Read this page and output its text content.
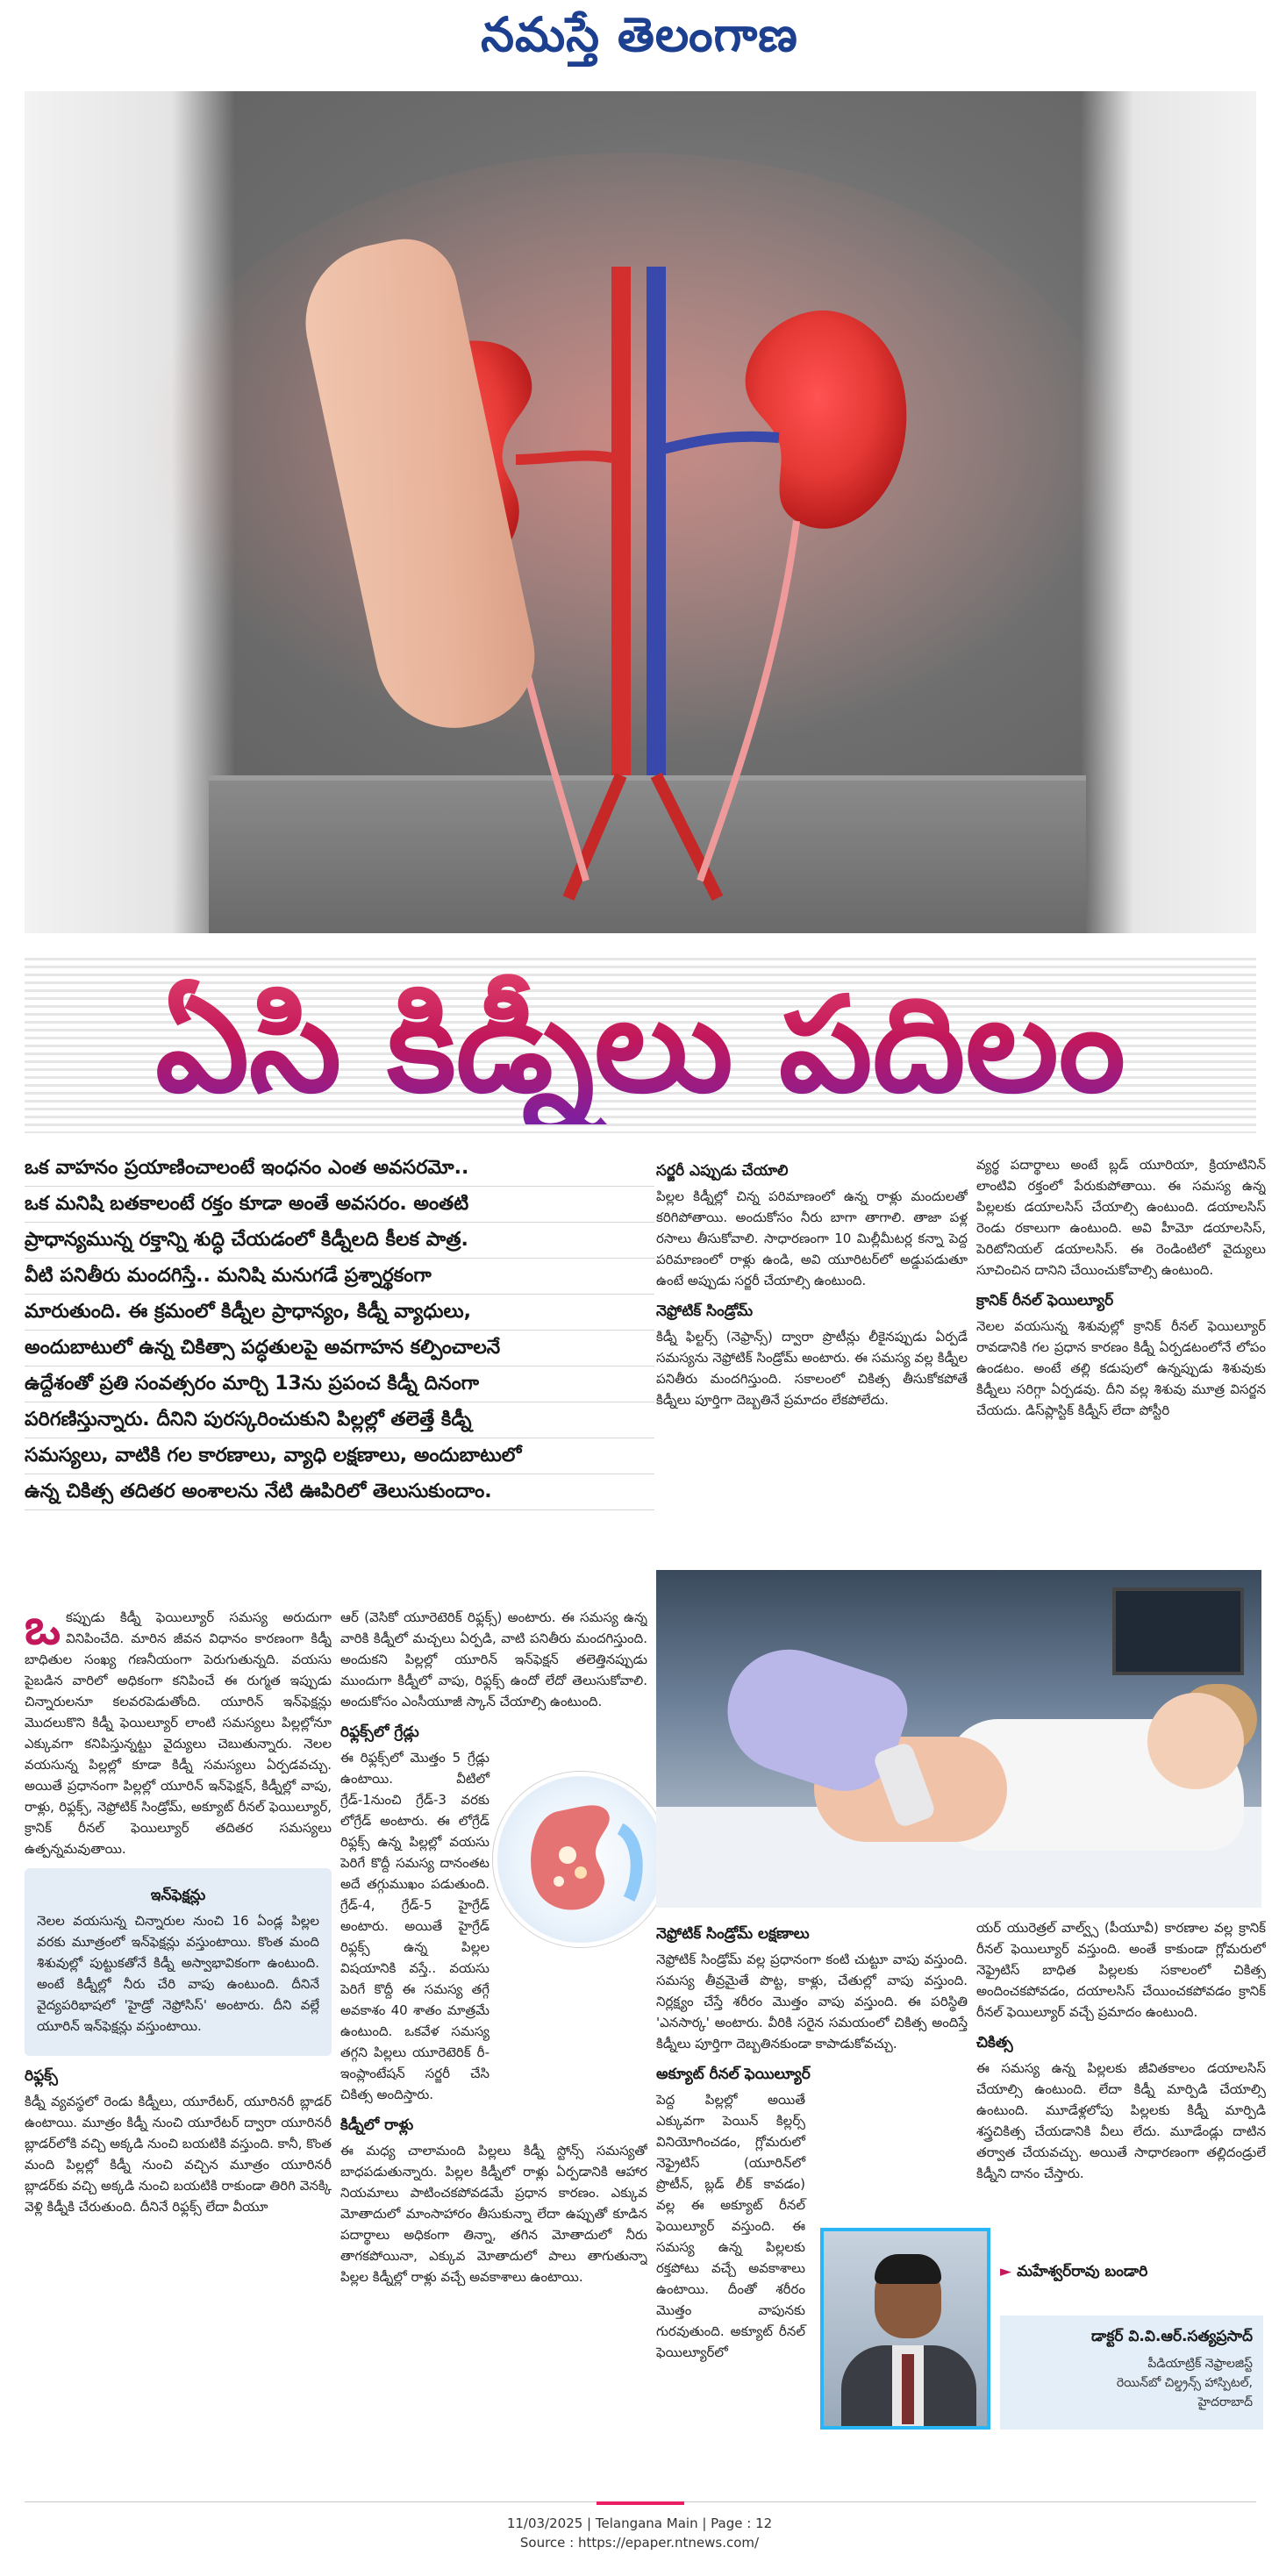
నమస్తే తెలంగాణ
ఏసి కిడ్నీలు పదిలం
ఒక వాహనం ప్రయాణించాలంటే ఇంధనం ఎంత అవసరమో..
ఒక మనిషి బతకాలంటే రక్తం కూడా అంతే అవసరం. అంతటి
ప్రాధాన్యమున్న రక్తాన్ని శుద్ధి చేయడంలో కిడ్నీలది కీలక పాత్ర.
వీటి పనితీరు మందగిస్తే.. మనిషి మనుగడే ప్రశ్నార్థకంగా
మారుతుంది. ఈ క్రమంలో కిడ్నీల ప్రాధాన్యం, కిడ్నీ వ్యాధులు,
అందుబాటులో ఉన్న చికిత్సా పద్ధతులపై అవగాహన కల్పించాలనే
ఉద్దేశంతో ప్రతి సంవత్సరం మార్చి 13ను ప్రపంచ కిడ్నీ దినంగా
పరిగణిస్తున్నారు. దీనిని పురస్కరించుకుని పిల్లల్లో తలెత్తే కిడ్నీ
సమస్యలు, వాటికి గల కారణాలు, వ్యాధి లక్షణాలు, అందుబాటులో
ఉన్న చికిత్స తదితర అంశాలను నేటి ఊపిరిలో తెలుసుకుందాం.

ఒకప్పుడు కిడ్నీ ఫెయిల్యూర్ సమస్య అరుదుగా వినిపించేది. మారిన జీవన విధానం కారణంగా కిడ్నీ బాధితుల సంఖ్య గణనీయంగా పెరుగుతున్నది. వయసు పైబడిన వారిలో అధికంగా కనిపించే ఈ రుగ్మత ఇప్పుడు చిన్నారులనూ కలవరపెడుతోంది. యూరిన్ ఇన్‌ఫెక్షన్లు మొదలుకొని కిడ్నీ ఫెయిల్యూర్ లాంటి సమస్యలు పిల్లల్లోనూ ఎక్కువగా కనిపిస్తున్నట్టు వైద్యులు చెబుతున్నారు. నెలల వయసున్న పిల్లల్లో కూడా కిడ్నీ సమస్యలు ఏర్పడవచ్చు. అయితే ప్రధానంగా పిల్లల్లో యూరిన్ ఇన్‌ఫెక్షన్, కిడ్నీల్లో వాపు, రాళ్లు, రిఫ్లక్స్, నెఫ్రోటిక్ సిండ్రోమ్, అక్యూట్ రీనల్ ఫెయిల్యూర్, క్రానిక్ రీనల్ ఫెయిల్యూర్ తదితర సమస్యలు ఉత్పన్నమవుతాయి.

ఇన్‌ఫెక్షన్లు

నెలల వయసున్న చిన్నారుల నుంచి 16 ఏండ్ల పిల్లల వరకు మూత్రంలో ఇన్‌ఫెక్షన్లు వస్తుంటాయి. కొంత మంది శిశువుల్లో పుట్టుకతోనే కిడ్నీ అస్వాభావికంగా ఉంటుంది. అంటే కిడ్నీల్లో నీరు చేరి వాపు ఉంటుంది. దీనినే వైద్యపరిభాషలో 'హైడ్రో నెఫ్రోసిస్' అంటారు. దీని వల్లే యూరిన్ ఇన్‌ఫెక్షన్లు వస్తుంటాయి.

రిఫ్లక్స్

కిడ్నీ వ్యవస్థలో రెండు కిడ్నీలు, యూరేటర్, యూరినరీ బ్లాడర్ ఉంటాయి. మూత్రం కిడ్నీ నుంచి యూరేటర్ ద్వారా యూరినరీ బ్లాడర్‌లోకి వచ్చి అక్కడి నుంచి బయటికి వస్తుంది. కానీ, కొంత మంది పిల్లల్లో కిడ్నీ నుంచి వచ్చిన మూత్రం యూరినరీ బ్లాడర్‌కు వచ్చి అక్కడి నుంచి బయటికి రాకుండా తిరిగి వెనక్కి వెళ్లి కిడ్నీకి చేరుతుంది. దీనినే రిఫ్లక్స్ లేదా వీయూ

ఆర్ (వెసికో యూరెటెరిక్ రిఫ్లక్స్) అంటారు. ఈ సమస్య ఉన్న వారికి కిడ్నీలో మచ్చలు ఏర్పడి, వాటి పనితీరు మందగిస్తుంది. అందుకని పిల్లల్లో యూరిన్ ఇన్‌ఫెక్షన్ తలెత్తినప్పుడు ముందుగా కిడ్నీలో వాపు, రిఫ్లక్స్ ఉందో లేదో తెలుసుకోవాలి. అందుకోసం ఎంసీయూజీ స్కాన్ చేయాల్సి ఉంటుంది.

రిఫ్లక్స్‌లో గ్రేడ్లు

ఈ రిఫ్లక్స్‌లో మొత్తం 5 గ్రేడ్లు ఉంటాయి. వీటిలో గ్రేడ్-1నుంచి గ్రేడ్-3 వరకు లోగ్రేడ్ అంటారు. ఈ లోగ్రేడ్ రిఫ్లక్స్ ఉన్న పిల్లల్లో వయసు పెరిగే కొద్దీ సమస్య దానంతట అదే తగ్గుముఖం పడుతుంది. గ్రేడ్-4, గ్రేడ్-5 హైగ్రేడ్ అంటారు. అయితే హైగ్రేడ్ రిఫ్లక్స్ ఉన్న పిల్లల విషయానికి వస్తే.. వయసు పెరిగే కొద్దీ ఈ సమస్య తగ్గే అవకాశం 40 శాతం మాత్రమే ఉంటుంది. ఒకవేళ సమస్య తగ్గని పిల్లలు యూరెటెరిక్ రీ-ఇంప్లాంటేషన్ సర్జరీ చేసి చికిత్స అందిస్తారు.

కిడ్నీలో రాళ్లు

ఈ మధ్య చాలామంది పిల్లలు కిడ్నీ స్టోన్స్ సమస్యతో బాధపడుతున్నారు. పిల్లల కిడ్నీలో రాళ్లు ఏర్పడానికి ఆహార నియమాలు పాటించకపోవడమే ప్రధాన కారణం. ఎక్కువ మోతాదులో మాంసాహారం తీసుకున్నా లేదా ఉప్పుతో కూడిన పదార్థాలు అధికంగా తిన్నా, తగిన మోతాదులో నీరు తాగకపోయినా, ఎక్కువ మోతాదులో పాలు తాగుతున్నా పిల్లల కిడ్నీల్లో రాళ్లు వచ్చే అవకాశాలు ఉంటాయి.

సర్జరీ ఎప్పుడు చేయాలి

పిల్లల కిడ్నీల్లో చిన్న పరిమాణంలో ఉన్న రాళ్లు మందులతో కరిగిపోతాయి. అందుకోసం నీరు బాగా తాగాలి. తాజా పళ్ల రసాలు తీసుకోవాలి. సాధారణంగా 10 మిల్లీమీటర్ల కన్నా పెద్ద పరిమాణంలో రాళ్లు ఉండి, అవి యూరిటర్‌లో అడ్డుపడుతూ ఉంటే అప్పుడు సర్జరీ చేయాల్సి ఉంటుంది.

నెఫ్రోటిక్ సిండ్రోమ్

కిడ్నీ ఫిల్టర్స్ (నెఫ్రాన్స్) ద్వారా ప్రొటీన్లు లీకైనప్పుడు ఏర్పడే సమస్యను నెఫ్రోటిక్ సిండ్రోమ్ అంటారు. ఈ సమస్య వల్ల కిడ్నీల పనితీరు మందగిస్తుంది. సకాలంలో చికిత్స తీసుకోకపోతే కిడ్నీలు పూర్తిగా దెబ్బతినే ప్రమాదం లేకపోలేదు.

వ్యర్థ పదార్థాలు అంటే బ్లడ్ యూరియా, క్రియాటినిన్ లాంటివి రక్తంలో పేరుకుపోతాయి. ఈ సమస్య ఉన్న పిల్లలకు డయాలసిస్ చేయాల్సి ఉంటుంది. డయాలసిస్ రెండు రకాలుగా ఉంటుంది. అవి హీమో డయాలసిస్, పెరిటోనియల్ డయాలసిస్. ఈ రెండింటిలో వైద్యులు సూచించిన దానిని చేయించుకోవాల్సి ఉంటుంది.

క్రానిక్ రీనల్ ఫెయిల్యూర్

నెలల వయసున్న శిశువుల్లో క్రానిక్ రీనల్ ఫెయిల్యూర్ రావడానికి గల ప్రధాన కారణం కిడ్నీ ఏర్పడటంలోనే లోపం ఉండటం. అంటే తల్లి కడుపులో ఉన్నప్పుడు శిశువుకు కిడ్నీలు సరిగ్గా ఏర్పడవు. దీని వల్ల శిశువు మూత్ర విసర్జన చేయదు. డిస్‌ప్లాస్టిక్ కిడ్నీస్ లేదా పోస్టీరి

నెఫ్రోటిక్ సిండ్రోమ్ లక్షణాలు

నెఫ్రోటిక్ సిండ్రోమ్ వల్ల ప్రధానంగా కంటి చుట్టూ వాపు వస్తుంది. సమస్య తీవ్రమైతే పొట్ట, కాళ్లు, చేతుల్లో వాపు వస్తుంది. నిర్లక్ష్యం చేస్తే శరీరం మొత్తం వాపు వస్తుంది. ఈ పరిస్థితి 'ఎనసార్క' అంటారు. వీరికి సరైన సమయంలో చికిత్స అందిస్తే కిడ్నీలు పూర్తిగా దెబ్బతినకుండా కాపాడుకోవచ్చు.

అక్యూట్ రీనల్ ఫెయిల్యూర్

పెద్ద పిల్లల్లో అయితే ఎక్కువగా పెయిన్ కిల్లర్స్ వినియోగించడం, గ్లోమరులో నెఫ్రైటిస్ (యూరిన్‌లో ప్రొటీన్, బ్లడ్ లీక్ కావడం) వల్ల ఈ అక్యూట్ రీనల్ ఫెయిల్యూర్ వస్తుంది. ఈ సమస్య ఉన్న పిల్లలకు రక్తపోటు వచ్చే అవకాశాలు ఉంటాయి. దీంతో శరీరం మొత్తం వాపునకు గురవుతుంది. అక్యూట్ రీనల్ ఫెయిల్యూర్‌లో

యర్ యురెత్రల్ వాల్వ్స్ (పీయూవీ) కారణాల వల్ల క్రానిక్ రీనల్ ఫెయిల్యూర్ వస్తుంది. అంతే కాకుండా గ్లోమరులో నెఫ్రైటిస్ బాధిత పిల్లలకు సకాలంలో చికిత్స అందించకపోవడం, దయాలసిస్ చేయించకపోవడం క్రానిక్ రీనల్ ఫెయిల్యూర్ వచ్చే ప్రమాదం ఉంటుంది.

చికిత్స

ఈ సమస్య ఉన్న పిల్లలకు జీవితకాలం డయాలసిస్ చేయాల్సి ఉంటుంది. లేదా కిడ్నీ మార్పిడి చేయాల్సి ఉంటుంది. మూడేళ్లలోపు పిల్లలకు కిడ్నీ మార్పిడి శస్త్రచికిత్స చేయడానికి వీలు లేదు. మూడేండ్లు దాటిన తర్వాత చేయవచ్చు. అయితే సాధారణంగా తల్లిదండ్రులే కిడ్నీని దానం చేస్తారు.

► మహేశ్వర్‌రావు బండారి
డాక్టర్ వి.వి.ఆర్.సత్యప్రసాద్
పీడియాట్రిక్ నెఫ్రాలజిస్ట్
రెయిన్‌బో చిల్డ్రన్స్ హాస్పిటల్,
హైదరాబాద్
11/03/2025 | Telangana Main | Page : 12
Source : https://epaper.ntnews.com/
